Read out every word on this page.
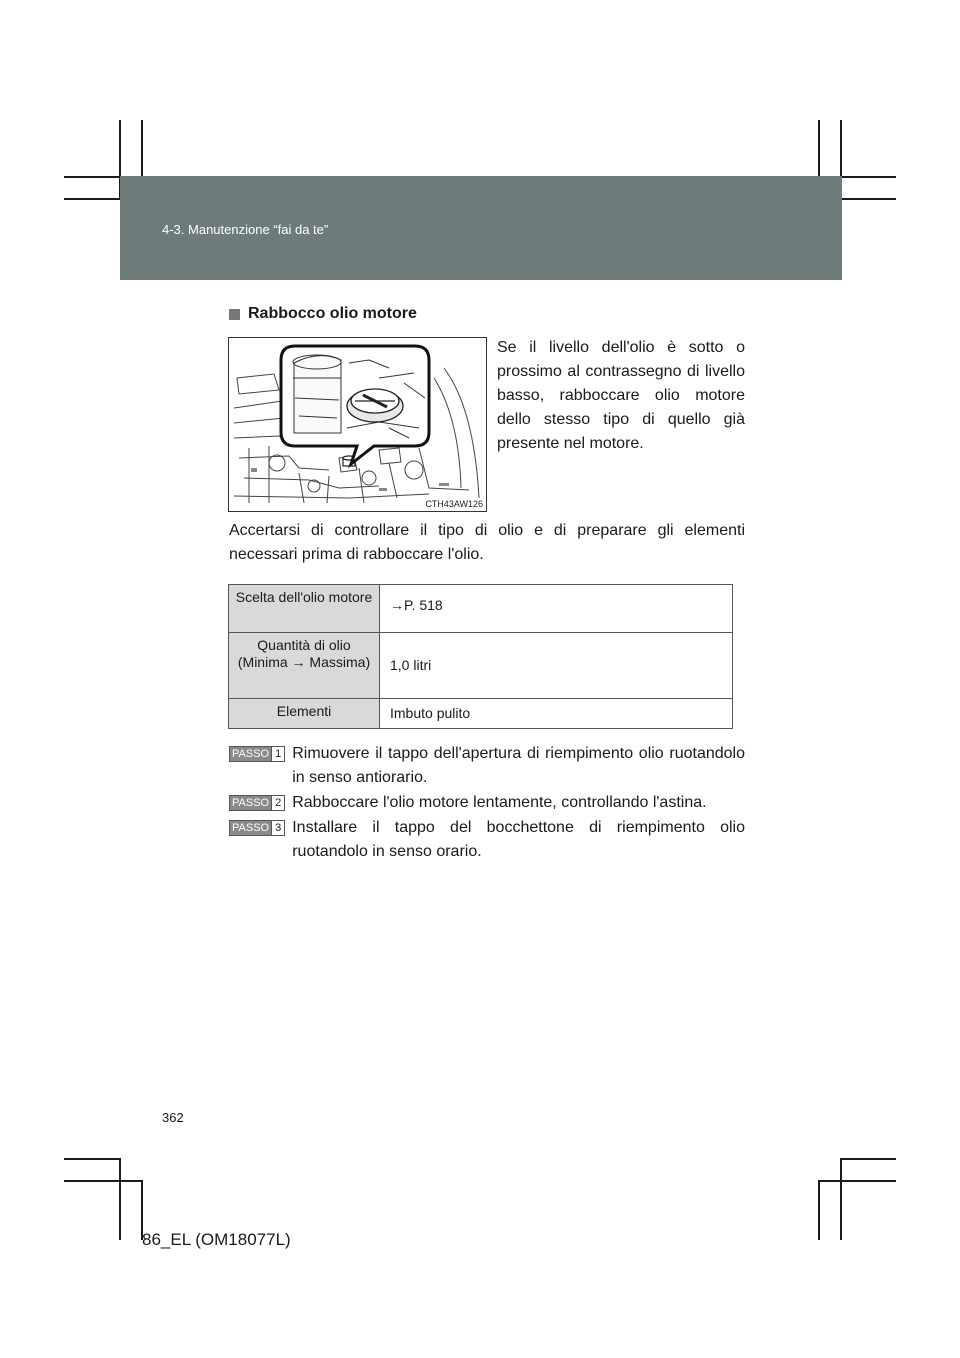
4-3. Manutenzione “fai da te”
Rabbocco olio motore
CTH43AW126
Se il livello dell'olio è sotto o prossimo al contrassegno di livello basso, rabboccare olio motore dello stesso tipo di quello già presente nel motore.
Accertarsi di controllare il tipo di olio e di preparare gli elementi necessari prima di rabboccare l'olio.
Scelta dell'olio motore	→P. 518
Quantità di olio (Minima → Massima)	1,0 litri
Elementi	Imbuto pulito
PASSO 1 Rimuovere il tappo dell'apertura di riempimento olio ruotandolo in senso antiorario.
PASSO 2 Rabboccare l'olio motore lentamente, controllando l'astina.
PASSO 3 Installare il tappo del bocchettone di riempimento olio ruotandolo in senso orario.
362
86_EL (OM18077L)
